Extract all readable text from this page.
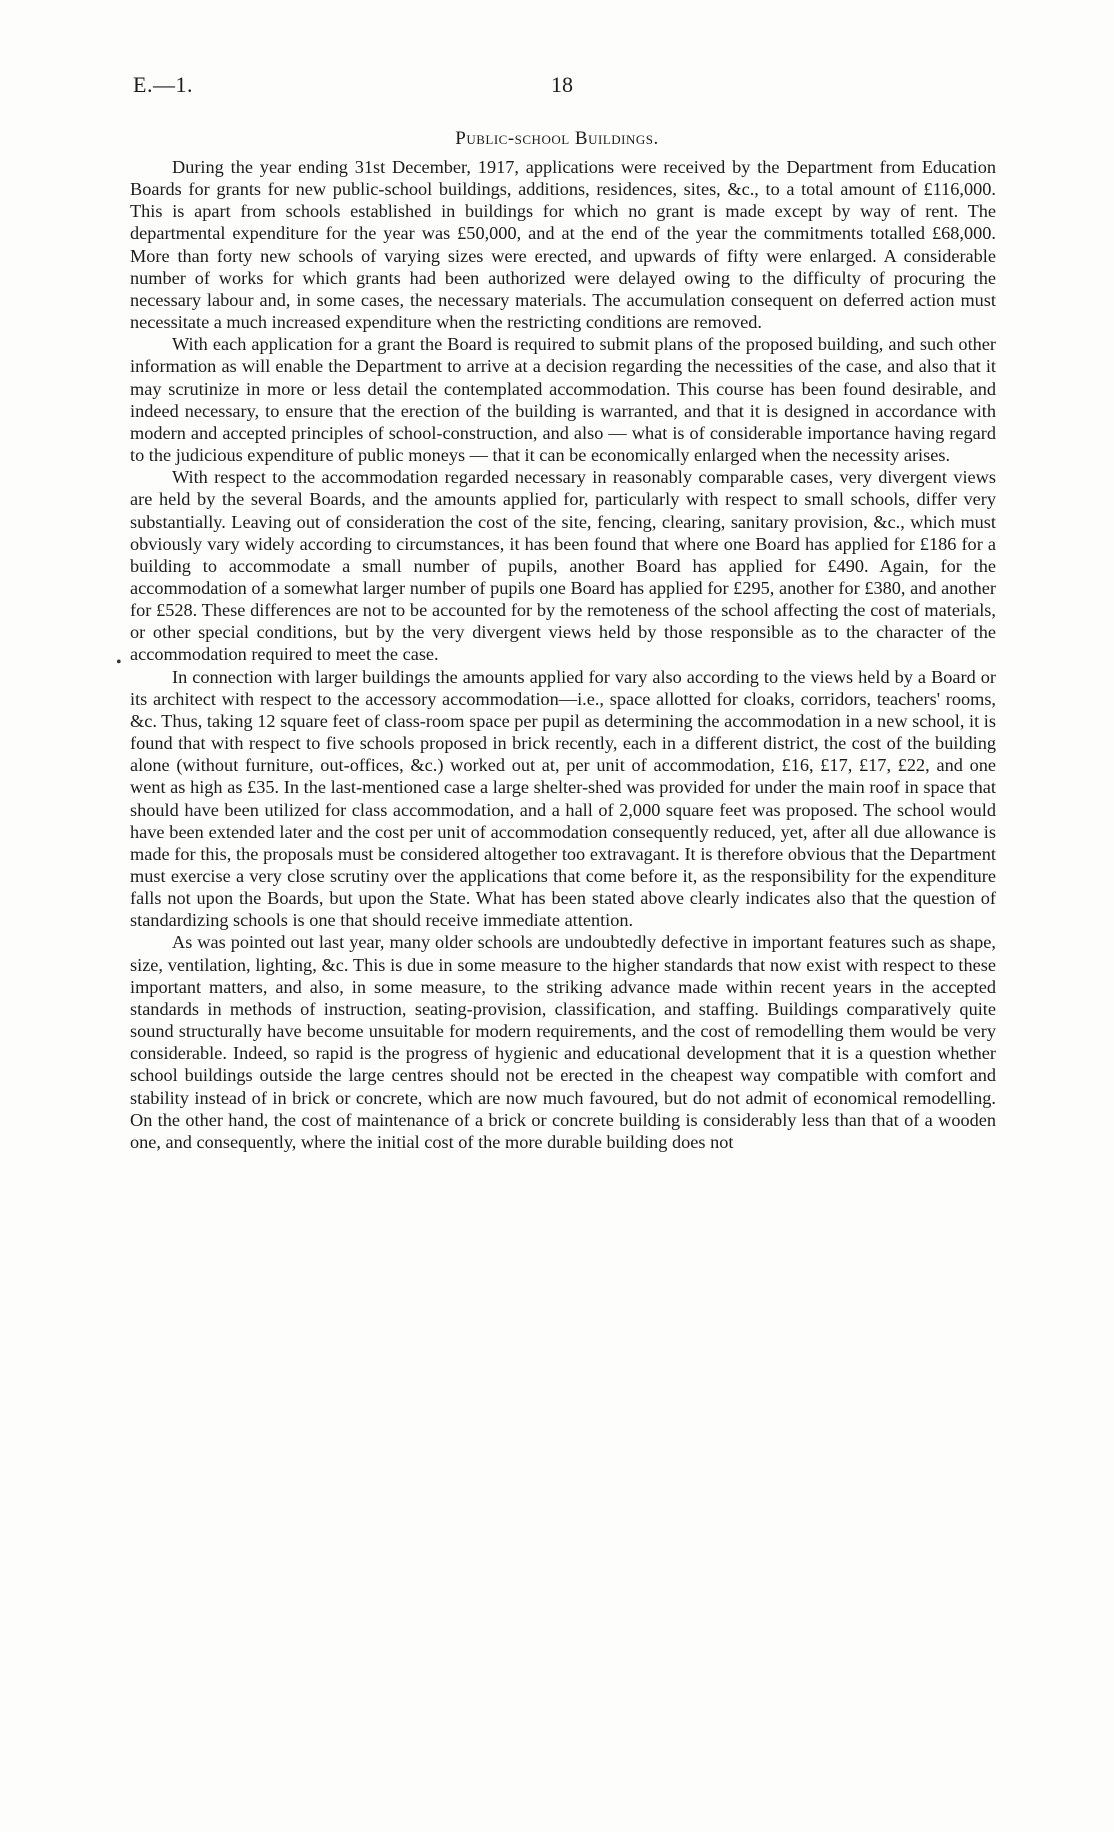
E.—1.	18
Public-school Buildings.
•

During the year ending 31st December, 1917, applications were received by the Department from Education Boards for grants for new public-school buildings, additions, residences, sites, &c., to a total amount of £116,000. This is apart from schools established in buildings for which no grant is made except by way of rent. The departmental expenditure for the year was £50,000, and at the end of the year the commitments totalled £68,000. More than forty new schools of varying sizes were erected, and upwards of fifty were enlarged. A considerable number of works for which grants had been authorized were delayed owing to the difficulty of procuring the necessary labour and, in some cases, the necessary materials. The accumulation consequent on deferred action must necessitate a much increased expenditure when the restricting conditions are removed.

With each application for a grant the Board is required to submit plans of the proposed building, and such other information as will enable the Department to arrive at a decision regarding the necessities of the case, and also that it may scrutinize in more or less detail the contemplated accommodation. This course has been found desirable, and indeed necessary, to ensure that the erection of the building is warranted, and that it is designed in accordance with modern and accepted principles of school-construction, and also — what is of considerable importance having regard to the judicious expenditure of public moneys — that it can be economically enlarged when the necessity arises.

With respect to the accommodation regarded necessary in reasonably comparable cases, very divergent views are held by the several Boards, and the amounts applied for, particularly with respect to small schools, differ very substantially. Leaving out of consideration the cost of the site, fencing, clearing, sanitary provision, &c., which must obviously vary widely according to circumstances, it has been found that where one Board has applied for £186 for a building to accommodate a small number of pupils, another Board has applied for £490. Again, for the accommodation of a somewhat larger number of pupils one Board has applied for £295, another for £380, and another for £528. These differences are not to be accounted for by the remoteness of the school affecting the cost of materials, or other special conditions, but by the very divergent views held by those responsible as to the character of the accommodation required to meet the case.

In connection with larger buildings the amounts applied for vary also according to the views held by a Board or its architect with respect to the accessory accommodation—i.e., space allotted for cloaks, corridors, teachers' rooms, &c. Thus, taking 12 square feet of class-room space per pupil as determining the accommodation in a new school, it is found that with respect to five schools proposed in brick recently, each in a different district, the cost of the building alone (without furniture, out-offices, &c.) worked out at, per unit of accommodation, £16, £17, £17, £22, and one went as high as £35. In the last-mentioned case a large shelter-shed was provided for under the main roof in space that should have been utilized for class accommodation, and a hall of 2,000 square feet was proposed. The school would have been extended later and the cost per unit of accommodation consequently reduced, yet, after all due allowance is made for this, the proposals must be considered altogether too extravagant. It is therefore obvious that the Department must exercise a very close scrutiny over the applications that come before it, as the responsibility for the expenditure falls not upon the Boards, but upon the State. What has been stated above clearly indicates also that the question of standardizing schools is one that should receive immediate attention.

As was pointed out last year, many older schools are undoubtedly defective in important features such as shape, size, ventilation, lighting, &c. This is due in some measure to the higher standards that now exist with respect to these important matters, and also, in some measure, to the striking advance made within recent years in the accepted standards in methods of instruction, seating-provision, classification, and staffing. Buildings comparatively quite sound structurally have become unsuitable for modern requirements, and the cost of remodelling them would be very considerable. Indeed, so rapid is the progress of hygienic and educational development that it is a question whether school buildings outside the large centres should not be erected in the cheapest way compatible with comfort and stability instead of in brick or concrete, which are now much favoured, but do not admit of economical remodelling. On the other hand, the cost of maintenance of a brick or concrete building is considerably less than that of a wooden one, and consequently, where the initial cost of the more durable building does not
